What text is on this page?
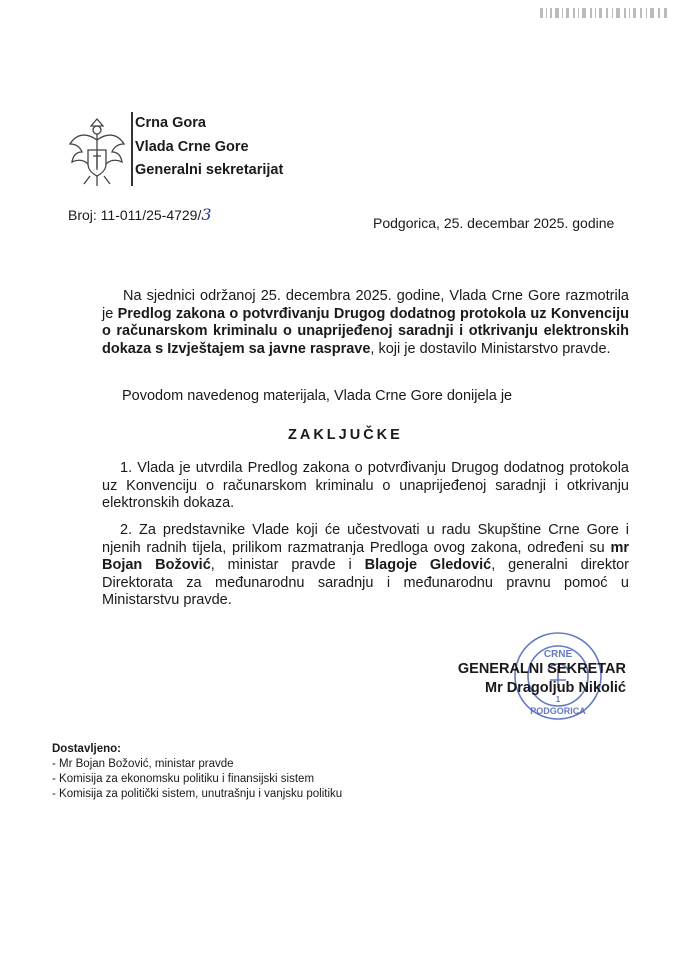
Crna Gora
Vlada Crne Gore
Generalni sekretarijat
Broj: 11-011/25-4729/3	Podgorica, 25. decembar 2025. godine
Na sjednici održanoj 25. decembra 2025. godine, Vlada Crne Gore razmotrila je Predlog zakona o potvrđivanju Drugog dodatnog protokola uz Konvenciju o računarskom kriminalu o unaprijeđenoj saradnji i otkrivanju elektronskih dokaza s Izvještajem sa javne rasprave, koji je dostavilo Ministarstvo pravde.
Povodom navedenog materijala, Vlada Crne Gore donijela je
ZAKLJUČKE
1. Vlada je utvrdila Predlog zakona o potvrđivanju Drugog dodatnog protokola uz Konvenciju o računarskom kriminalu o unaprijeđenoj saradnji i otkrivanju elektronskih dokaza.
2. Za predstavnike Vlade koji će učestvovati u radu Skupštine Crne Gore i njenih radnih tijela, prilikom razmatranja Predloga ovog zakona, određeni su mr Bojan Božović, ministar pravde i Blagoje Gledović, generalni direktor Direktorata za međunarodnu saradnju i međunarodnu pravnu pomoć u Ministarstvu pravde.
CRNE
PODGORICA
1
GENERALNI SEKRETAR
Mr Dragoljub Nikolić
Dostavljeno:
- Mr Bojan Božović, ministar pravde
- Komisija za ekonomsku politiku i finansijski sistem
- Komisija za politički sistem, unutrašnju i vanjsku politiku
